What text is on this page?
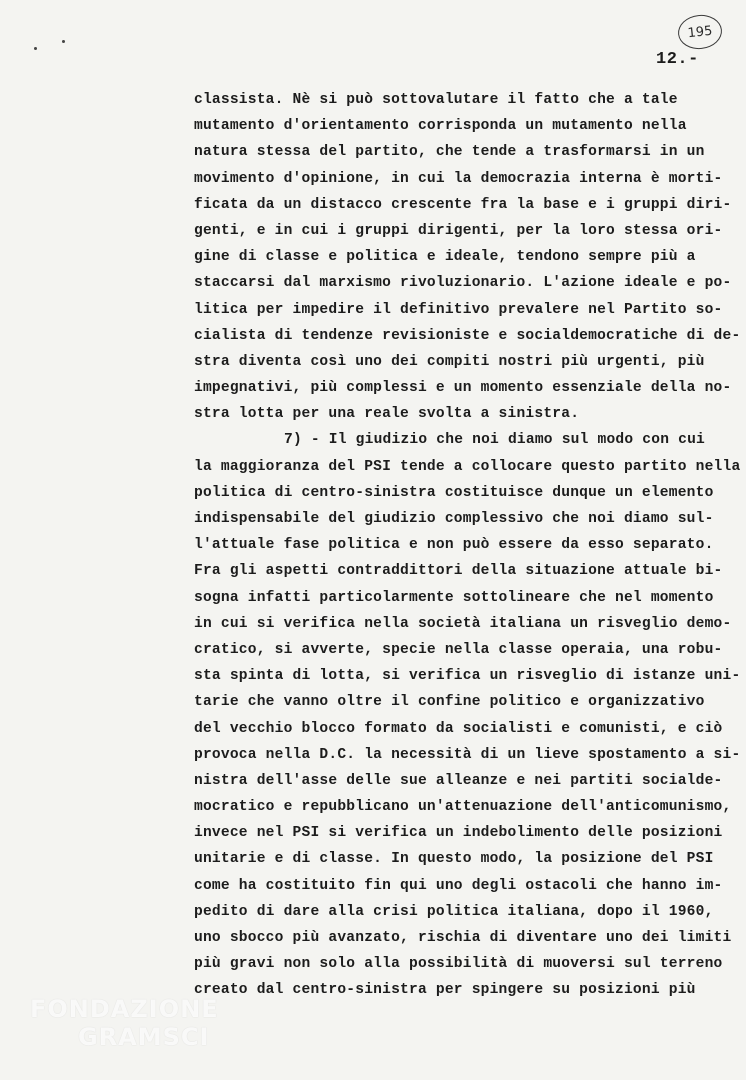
195
12.-
classista. Nè si può sottovalutare il fatto che a tale
mutamento d'orientamento corrisponda un mutamento nella
natura stessa del partito, che tende a trasformarsi in un
movimento d'opinione, in cui la democrazia interna è morti-
ficata da un distacco crescente fra la base e i gruppi diri-
genti, e in cui i gruppi dirigenti, per la loro stessa ori-
gine di classe e politica e ideale, tendono sempre più a
staccarsi dal marxismo rivoluzionario. L'azione ideale e po-
litica per impedire il definitivo prevalere nel Partito so-
cialista di tendenze revisioniste e socialdemocratiche di de-
stra diventa così uno dei compiti nostri più urgenti, più
impegnativi, più complessi e un momento essenziale della no-
stra lotta per una reale svolta a sinistra.
7) - Il giudizio che noi diamo sul modo con cui
la maggioranza del PSI tende a collocare questo partito nella
politica di centro-sinistra costituisce dunque un elemento
indispensabile del giudizio complessivo che noi diamo sul-
l'attuale fase politica e non può essere da esso separato.
Fra gli aspetti contraddittori della situazione attuale bi-
sogna infatti particolarmente sottolineare che nel momento
in cui si verifica nella società italiana un risveglio demo-
cratico, si avverte, specie nella classe operaia, una robu-
sta spinta di lotta, si verifica un risveglio di istanze uni-
tarie che vanno oltre il confine politico e organizzativo
del vecchio blocco formato da socialisti e comunisti, e ciò
provoca nella D.C. la necessità di un lieve spostamento a si-
nistra dell'asse delle sue alleanze e nei partiti socialde-
mocratico e repubblicano un'attenuazione dell'anticomunismo,
invece nel PSI si verifica un indebolimento delle posizioni
unitarie e di classe. In questo modo, la posizione del PSI
come ha costituito fin qui uno degli ostacoli che hanno im-
pedito di dare alla crisi politica italiana, dopo il 1960,
uno sbocco più avanzato, rischia di diventare uno dei limiti
più gravi non solo alla possibilità di muoversi sul terreno
creato dal centro-sinistra per spingere su posizioni più
FONDAZIONE
GRAMSCI
